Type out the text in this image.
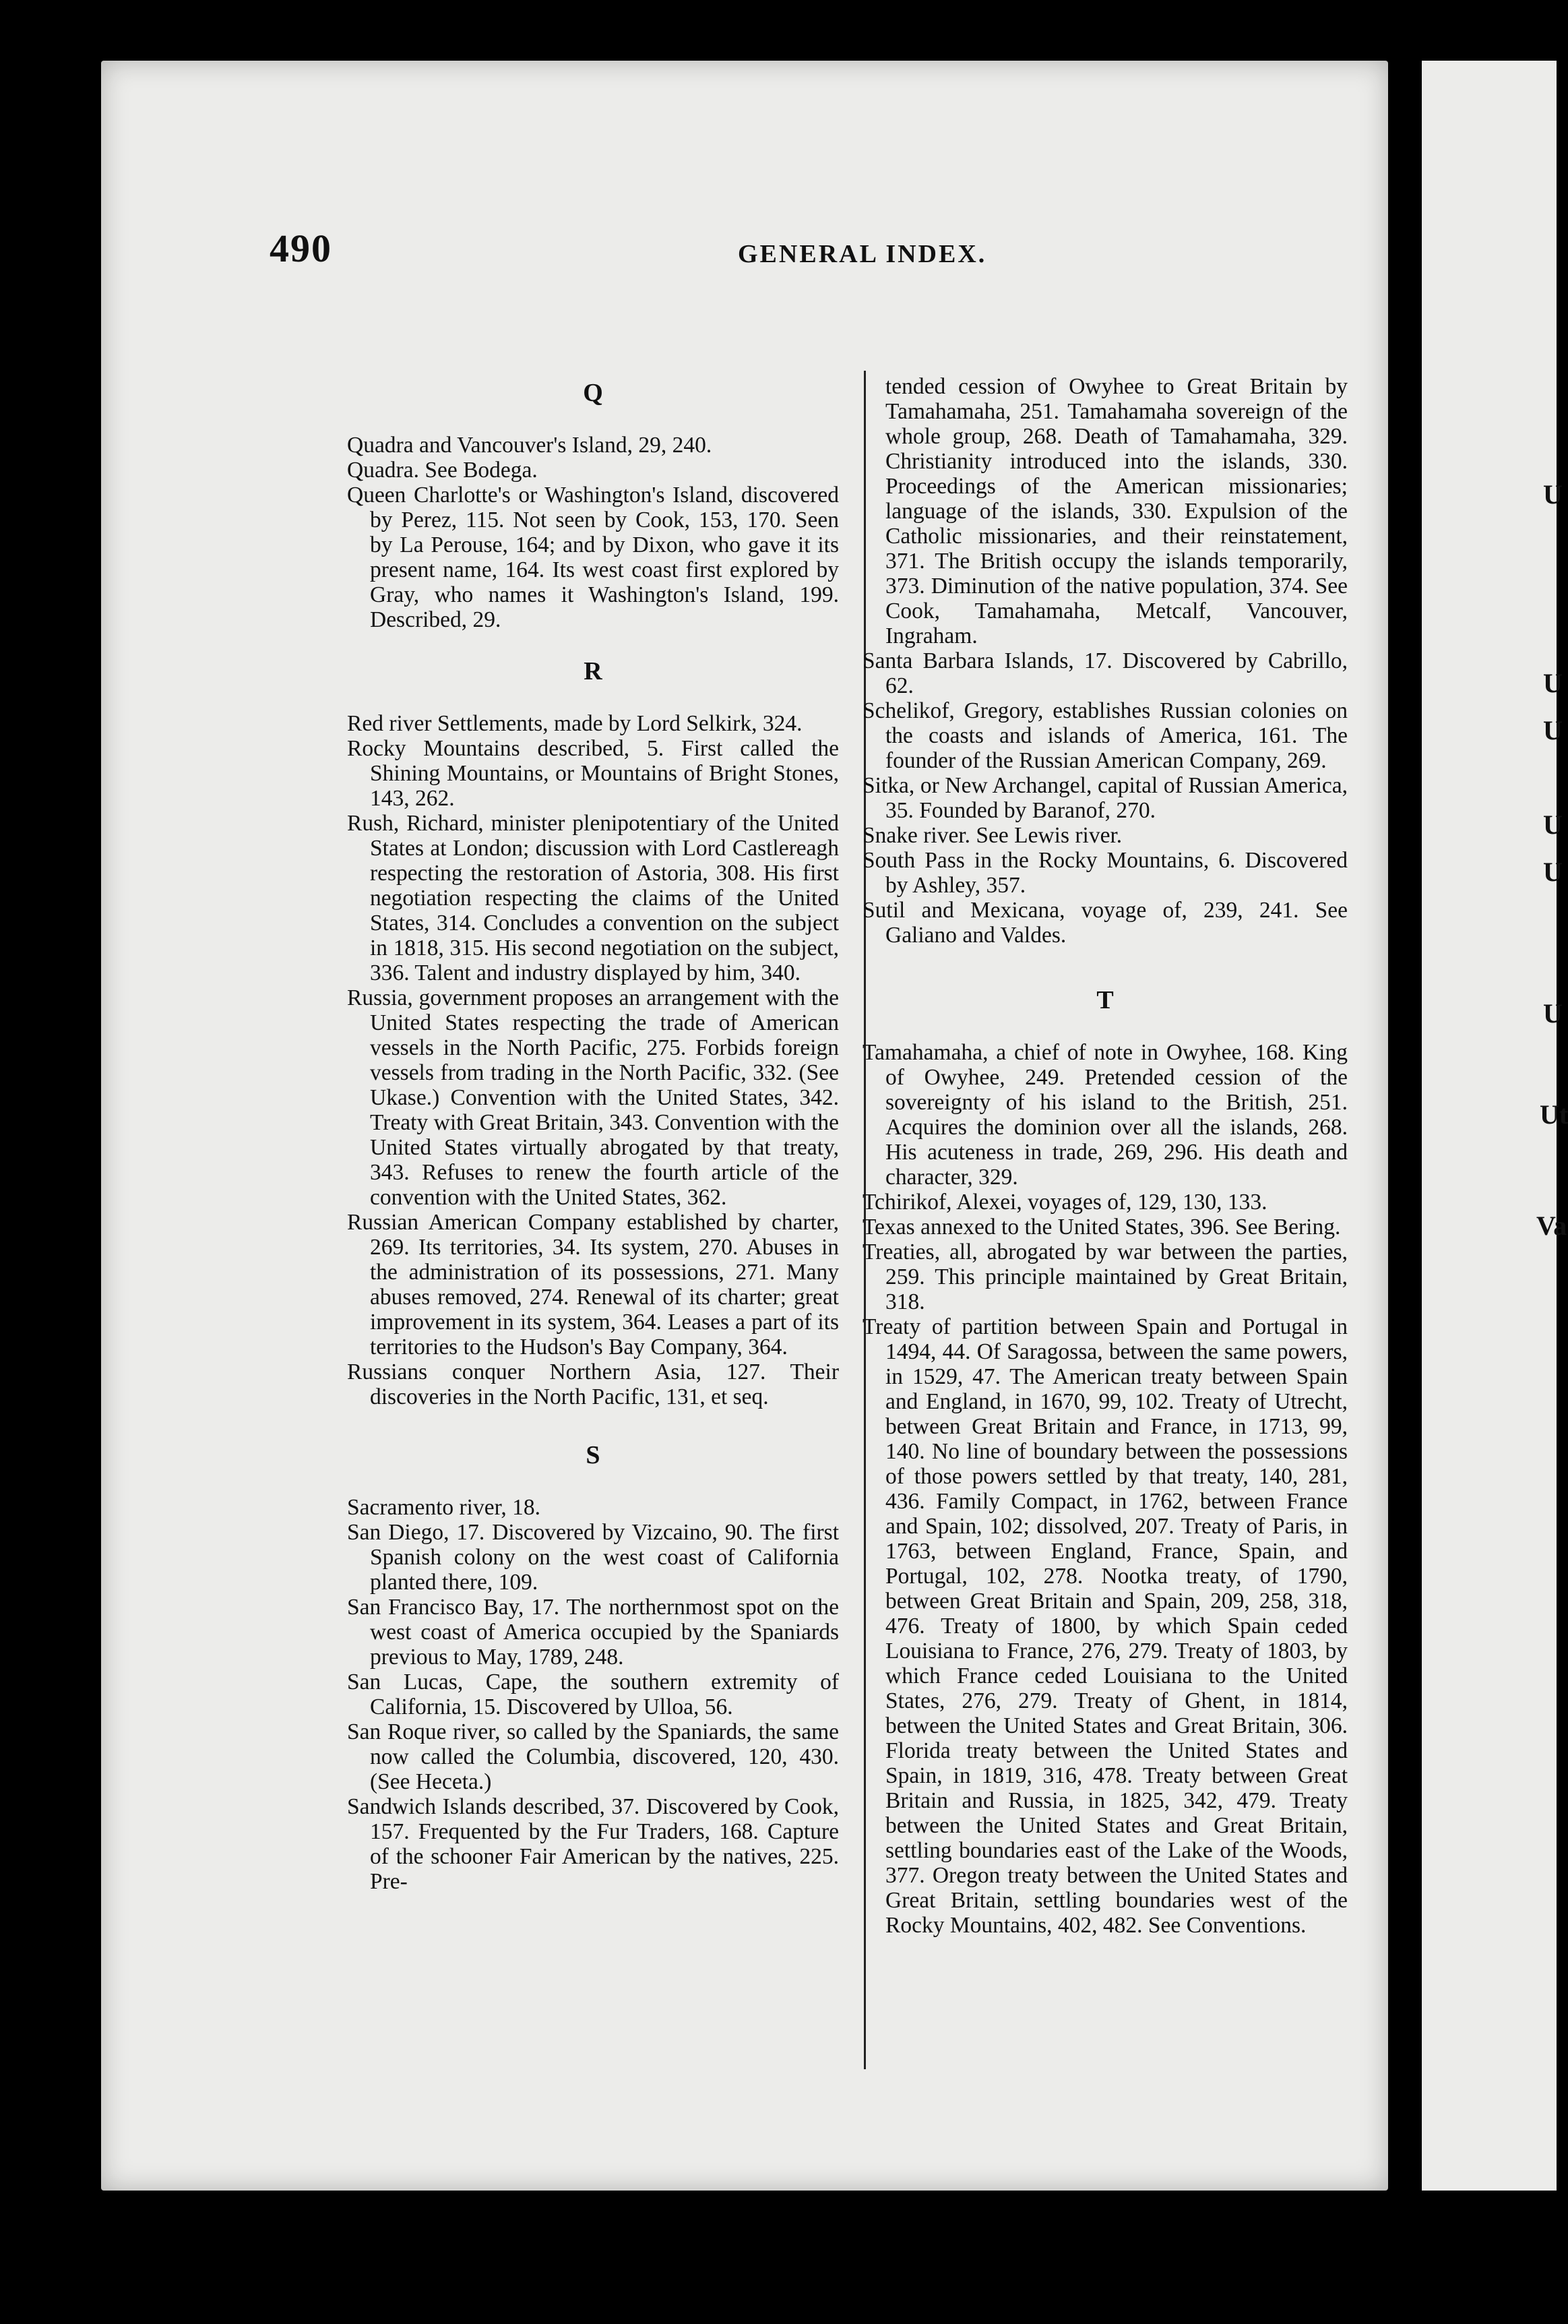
490	GENERAL INDEX.
Q

Quadra and Vancouver's Island, 29, 240.

Quadra. See Bodega.

Queen Charlotte's or Washington's Island, discovered by Perez, 115. Not seen by Cook, 153, 170. Seen by La Perouse, 164; and by Dixon, who gave it its present name, 164. Its west coast first explored by Gray, who names it Washington's Island, 199. Described, 29.

R

Red river Settlements, made by Lord Selkirk, 324.

Rocky Mountains described, 5. First called the Shining Mountains, or Mountains of Bright Stones, 143, 262.

Rush, Richard, minister plenipotentiary of the United States at London; discussion with Lord Castlereagh respecting the restoration of Astoria, 308. His first negotiation respecting the claims of the United States, 314. Concludes a convention on the subject in 1818, 315. His second negotiation on the subject, 336. Talent and industry displayed by him, 340.

Russia, government proposes an arrangement with the United States respecting the trade of American vessels in the North Pacific, 275. Forbids foreign vessels from trading in the North Pacific, 332. (See Ukase.) Convention with the United States, 342. Treaty with Great Britain, 343. Convention with the United States virtually abrogated by that treaty, 343. Refuses to renew the fourth article of the convention with the United States, 362.

Russian American Company established by charter, 269. Its territories, 34. Its system, 270. Abuses in the administration of its possessions, 271. Many abuses removed, 274. Renewal of its charter; great improvement in its system, 364. Leases a part of its territories to the Hudson's Bay Company, 364.

Russians conquer Northern Asia, 127. Their discoveries in the North Pacific, 131, et seq.

S

Sacramento river, 18.

San Diego, 17. Discovered by Vizcaino, 90. The first Spanish colony on the west coast of California planted there, 109.

San Francisco Bay, 17. The northernmost spot on the west coast of America occupied by the Spaniards previous to May, 1789, 248.

San Lucas, Cape, the southern extremity of California, 15. Discovered by Ulloa, 56.

San Roque river, so called by the Spaniards, the same now called the Columbia, discovered, 120, 430. (See Heceta.)

Sandwich Islands described, 37. Discovered by Cook, 157. Frequented by the Fur Traders, 168. Capture of the schooner Fair American by the natives, 225. Pre-

tended cession of Owyhee to Great Britain by Tamahamaha, 251. Tamahamaha sovereign of the whole group, 268. Death of Tamahamaha, 329. Christianity introduced into the islands, 330. Proceedings of the American missionaries; language of the islands, 330. Expulsion of the Catholic missionaries, and their reinstatement, 371. The British occupy the islands temporarily, 373. Diminution of the native population, 374. See Cook, Tamahamaha, Metcalf, Vancouver, Ingraham.

Santa Barbara Islands, 17. Discovered by Cabrillo, 62.

Schelikof, Gregory, establishes Russian colonies on the coasts and islands of America, 161. The founder of the Russian American Company, 269.

Sitka, or New Archangel, capital of Russian America, 35. Founded by Baranof, 270.

Snake river. See Lewis river.

South Pass in the Rocky Mountains, 6. Discovered by Ashley, 357.

Sutil and Mexicana, voyage of, 239, 241. See Galiano and Valdes.

T

Tamahamaha, a chief of note in Owyhee, 168. King of Owyhee, 249. Pretended cession of the sovereignty of his island to the British, 251. Acquires the dominion over all the islands, 268. His acuteness in trade, 269, 296. His death and character, 329.

Tchirikof, Alexei, voyages of, 129, 130, 133.

Texas annexed to the United States, 396. See Bering.

Treaties, all, abrogated by war between the parties, 259. This principle maintained by Great Britain, 318.

Treaty of partition between Spain and Portugal in 1494, 44. Of Saragossa, between the same powers, in 1529, 47. The American treaty between Spain and England, in 1670, 99, 102. Treaty of Utrecht, between Great Britain and France, in 1713, 99, 140. No line of boundary between the possessions of those powers settled by that treaty, 140, 281, 436. Family Compact, in 1762, between France and Spain, 102; dissolved, 207. Treaty of Paris, in 1763, between England, France, Spain, and Portugal, 102, 278. Nootka treaty, of 1790, between Great Britain and Spain, 209, 258, 318, 476. Treaty of 1800, by which Spain ceded Louisiana to France, 276, 279. Treaty of 1803, by which France ceded Louisiana to the United States, 276, 279. Treaty of Ghent, in 1814, between the United States and Great Britain, 306. Florida treaty between the United States and Spain, in 1819, 316, 478. Treaty between Great Britain and Russia, in 1825, 342, 479. Treaty between the United States and Great Britain, settling boundaries east of the Lake of the Woods, 377. Oregon treaty between the United States and Great Britain, settling boundaries west of the Rocky Mountains, 402, 482. See Conventions.

U
U
U
U
U
U
Ut
Va
